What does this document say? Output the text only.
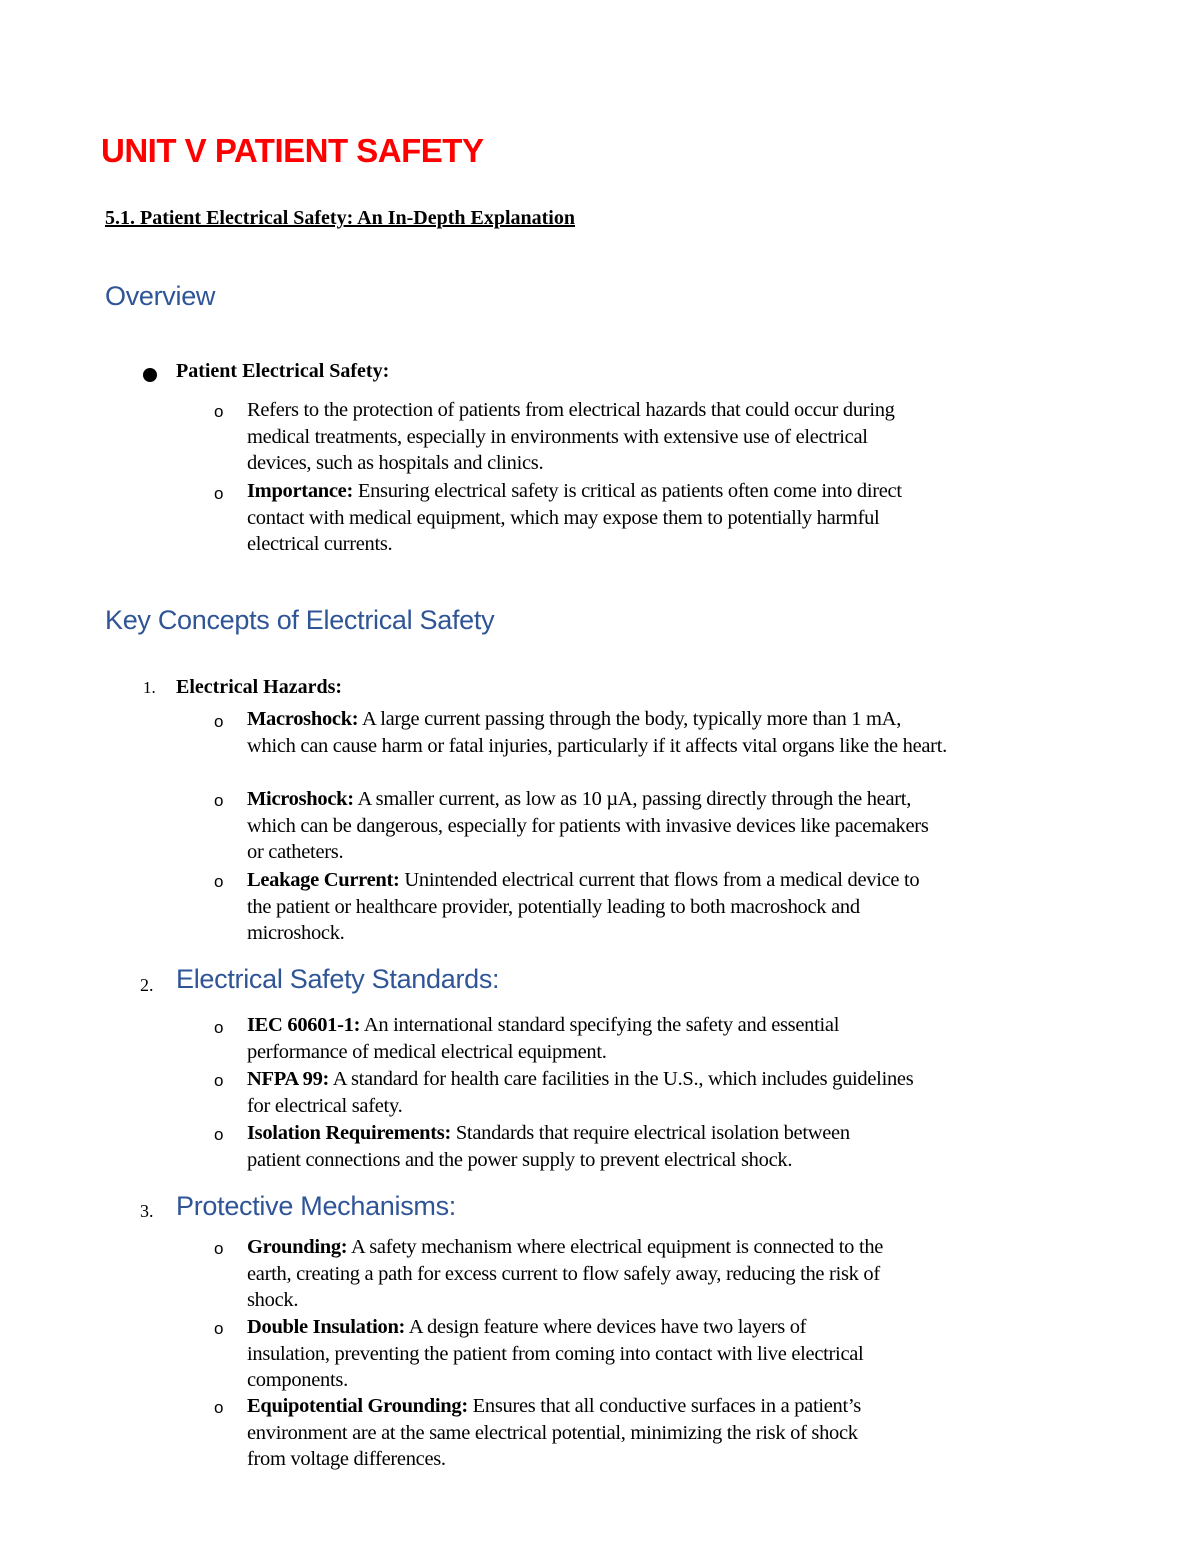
UNIT V PATIENT SAFETY
5.1. Patient Electrical Safety: An In-Depth Explanation
Overview
Patient Electrical Safety:
o Refers to the protection of patients from electrical hazards that could occur during
medical treatments, especially in environments with extensive use of electrical
devices, such as hospitals and clinics.
o Importance: Ensuring electrical safety is critical as patients often come into direct
contact with medical equipment, which may expose them to potentially harmful
electrical currents.
Key Concepts of Electrical Safety
1. Electrical Hazards:
o Macroshock: A large current passing through the body, typically more than 1 mA,
which can cause harm or fatal injuries, particularly if it affects vital organs like the heart.
o Microshock: A smaller current, as low as 10 µA, passing directly through the heart,
which can be dangerous, especially for patients with invasive devices like pacemakers
or catheters.
o Leakage Current: Unintended electrical current that flows from a medical device to
the patient or healthcare provider, potentially leading to both macroshock and
microshock.
2. Electrical Safety Standards:
o IEC 60601-1: An international standard specifying the safety and essential
performance of medical electrical equipment.
o NFPA 99: A standard for health care facilities in the U.S., which includes guidelines
for electrical safety.
o Isolation Requirements: Standards that require electrical isolation between
patient connections and the power supply to prevent electrical shock.
3. Protective Mechanisms:
o Grounding: A safety mechanism where electrical equipment is connected to the
earth, creating a path for excess current to flow safely away, reducing the risk of
shock.
o Double Insulation: A design feature where devices have two layers of
insulation, preventing the patient from coming into contact with live electrical
components.
o Equipotential Grounding: Ensures that all conductive surfaces in a patient’s
environment are at the same electrical potential, minimizing the risk of shock
from voltage differences.
